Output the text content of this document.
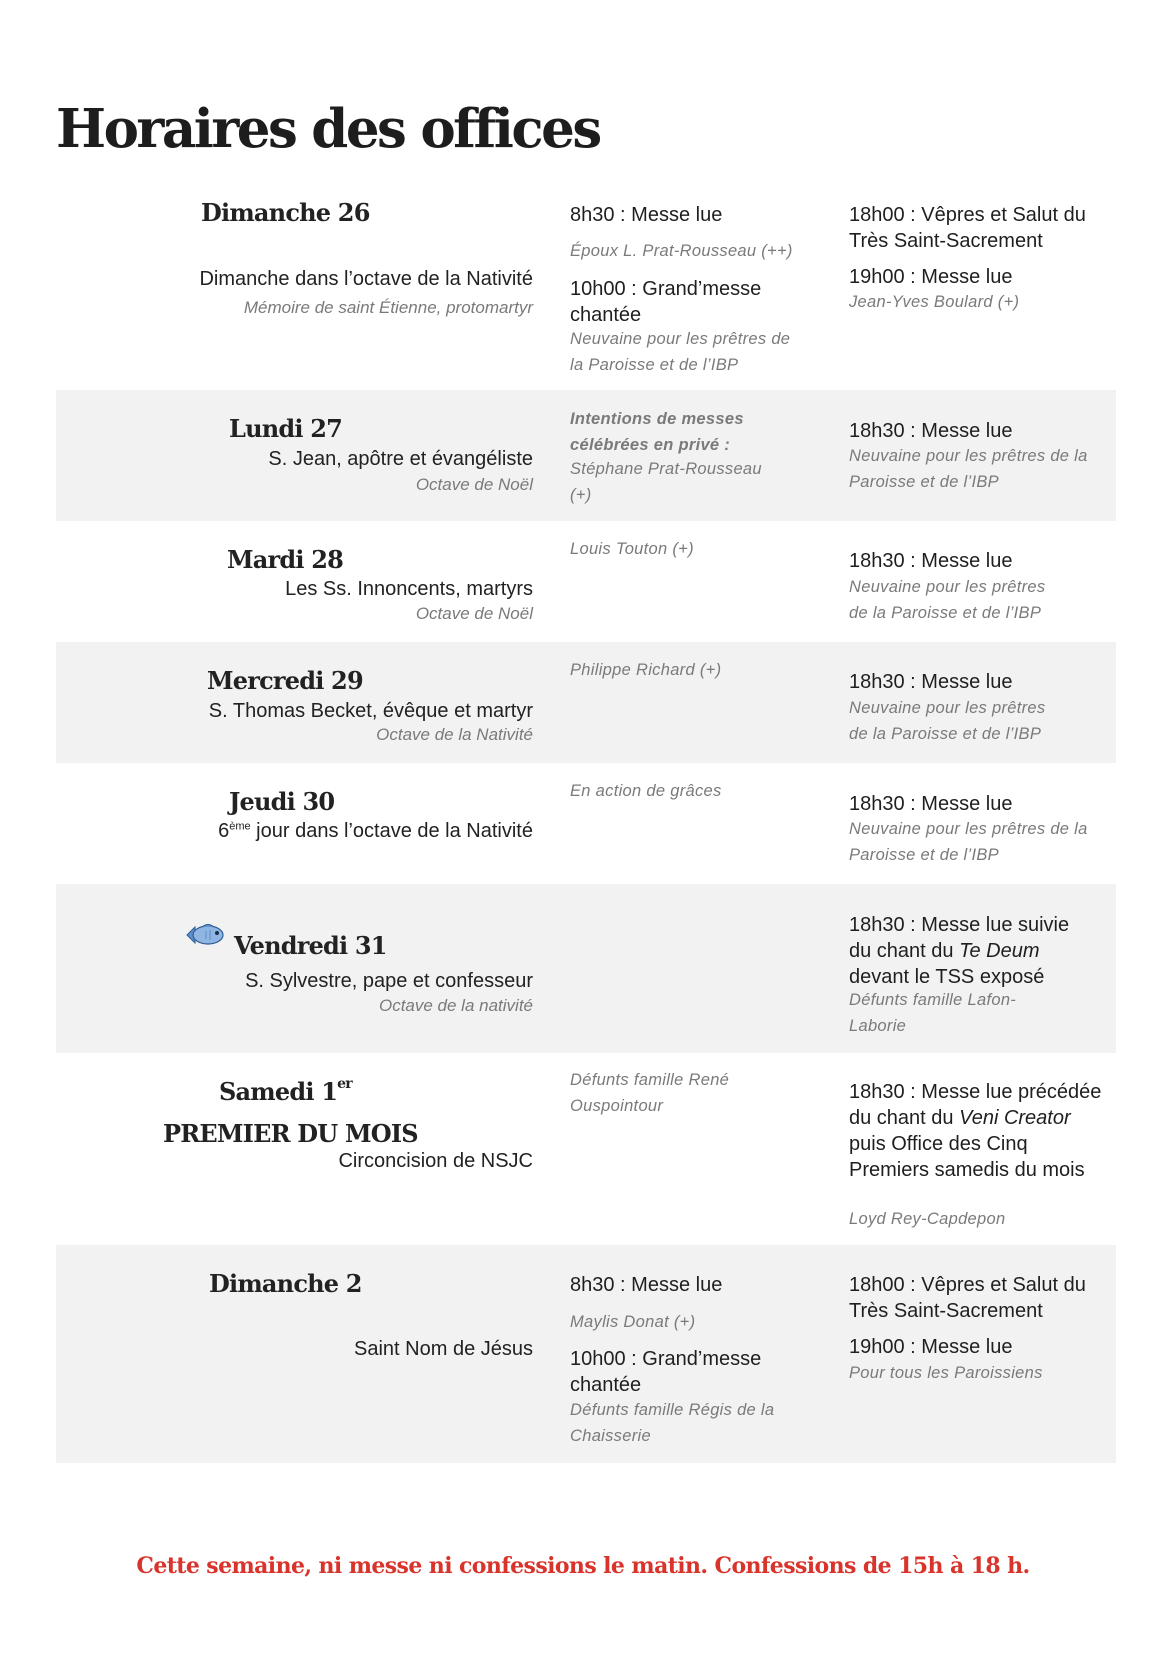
Horaires des offices
Dimanche 26
Dimanche dans l’octave de la Nativité
Mémoire de saint Étienne, protomartyr
8h30 : Messe lue
Époux L. Prat-Rousseau (++)
10h00 : Grand’messe chantée
Neuvaine pour les prêtres de la Paroisse et de l’IBP
18h00 : Vêpres et Salut du Très Saint-Sacrement
19h00 : Messe lue
Jean-Yves Boulard (+)
Lundi 27
S. Jean, apôtre et évangéliste
Octave de Noël
Intentions de messes célébrées en privé :
Stéphane Prat-Rousseau (+)
18h30 : Messe lue
Neuvaine pour les prêtres de la Paroisse et de l’IBP
Mardi 28
Les Ss. Innoncents, martyrs
Octave de Noël
Louis Touton (+)
18h30 : Messe lue
Neuvaine pour les prêtres de la Paroisse et de l’IBP
Mercredi 29
S. Thomas Becket, évêque et martyr
Octave de la Nativité
Philippe Richard (+)
18h30 : Messe lue
Neuvaine pour les prêtres de la Paroisse et de l’IBP
Jeudi 30
6ème jour dans l’octave de la Nativité
En action de grâces
18h30 : Messe lue
Neuvaine pour les prêtres de la Paroisse et de l’IBP
Vendredi 31
S. Sylvestre, pape et confesseur
Octave de la nativité
18h30 : Messe lue suivie du chant du Te Deum devant le TSS exposé
Défunts famille Lafon-Laborie
Samedi 1er
PREMIER DU MOIS
Circoncision de NSJC
Défunts famille René Ouspointour
18h30 : Messe lue précédée du chant du Veni Creator puis Office des Cinq Premiers samedis du mois
Loyd Rey-Capdepon
Dimanche 2
Saint Nom de Jésus
8h30 : Messe lue
Maylis Donat (+)
10h00 : Grand’messe chantée
Défunts famille Régis de la Chaisserie
18h00 : Vêpres et Salut du Très Saint-Sacrement
19h00 : Messe lue
Pour tous les Paroissiens
Cette semaine, ni messe ni confessions le matin. Confessions de 15h à 18 h.
